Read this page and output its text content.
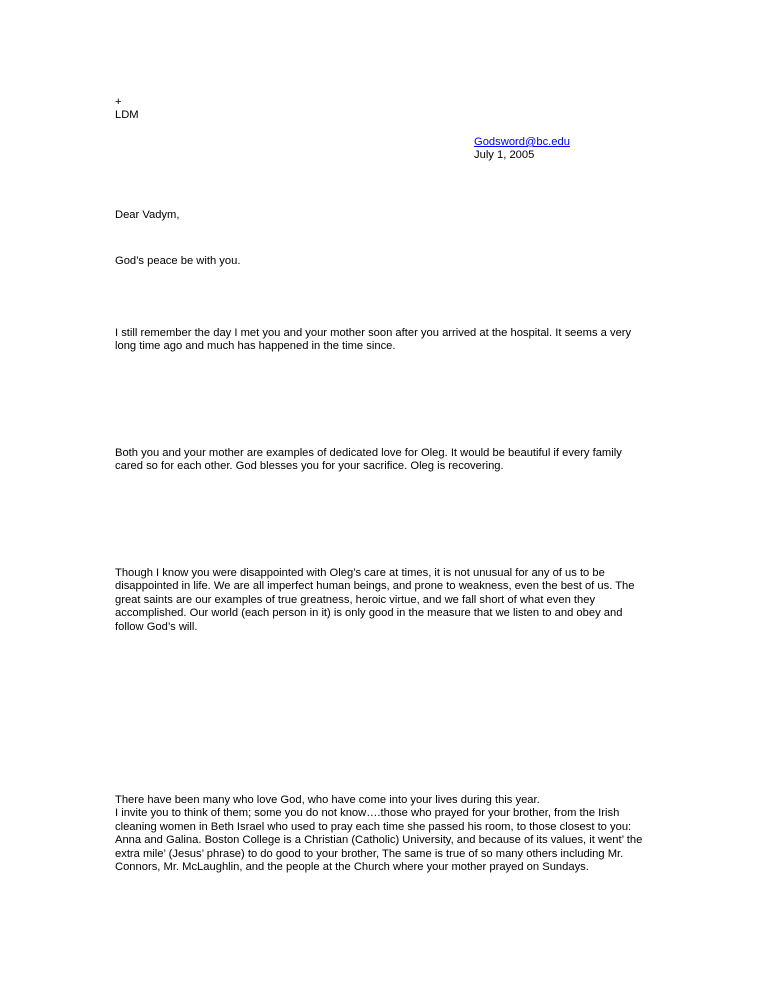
+
LDM
Godsword@bc.edu
July 1, 2005

Dear Vadym,

God’s peace be with you.

I still remember the day I met you and your mother soon after you arrived at the hospital. It seems a very
long time ago and much has happened in the time since.

Both you and your mother are examples of dedicated love for Oleg. It would be beautiful if every family
cared so for each other. God blesses you for your sacrifice. Oleg is recovering.

Though I know you were disappointed with Oleg’s care at times, it is not unusual for any of us to be
disappointed in life. We are all imperfect human beings, and prone to weakness, even the best of us. The
great saints are our examples of true greatness, heroic virtue, and we fall short of what even they
accomplished. Our world (each person in it) is only good in the measure that we listen to and obey and
follow God’s will.

There have been many who love God, who have come into your lives during this year.
I invite you to think of them; some you do not know….those who prayed for your brother, from the Irish
cleaning women in Beth Israel who used to pray each time she passed his room, to those closest to you:
Anna and Galina. Boston College is a Christian (Catholic) University, and because of its values, it went’ the
extra mile’ (Jesus’ phrase) to do good to your brother, The same is true of so many others including Mr.
Connors, Mr. McLaughlin, and the people at the Church where your mother prayed on Sundays.
